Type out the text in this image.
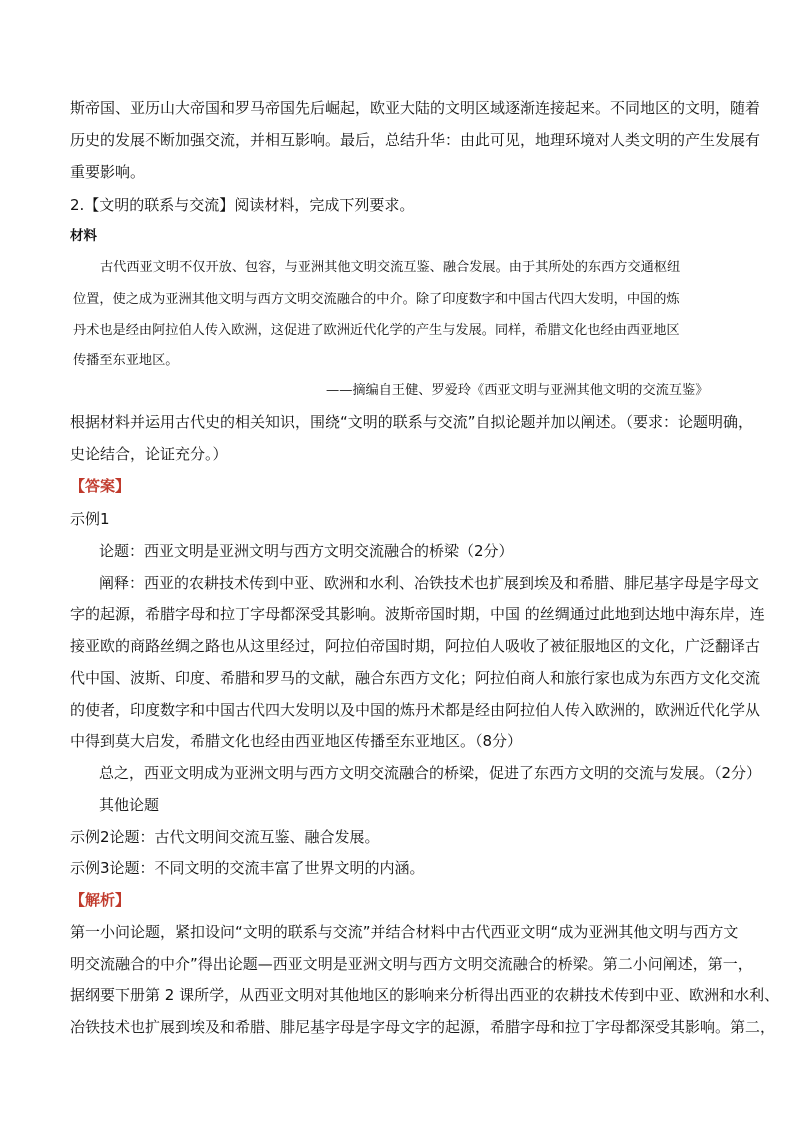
斯帝国、亚历山大帝国和罗马帝国先后崛起，欧亚大陆的文明区域逐渐连接起来。不同地区的文明，随着
历史的发展不断加强交流，并相互影响。最后，总结升华：由此可见，地理环境对人类文明的产生发展有
重要影响。
2.【文明的联系与交流】阅读材料，完成下列要求。
材料
古代西亚文明不仅开放、包容，与亚洲其他文明交流互鉴、融合发展。由于其所处的东西方交通枢纽
位置，使之成为亚洲其他文明与西方文明交流融合的中介。除了印度数字和中国古代四大发明，中国的炼
丹术也是经由阿拉伯人传入欧洲，这促进了欧洲近代化学的产生与发展。同样，希腊文化也经由西亚地区
传播至东亚地区。
——摘编自王健、罗爱玲《西亚文明与亚洲其他文明的交流互鉴》
根据材料并运用古代史的相关知识，围绕“文明的联系与交流”自拟论题并加以阐述。（要求：论题明确，
史论结合，论证充分。）
【答案】
示例1
论题：西亚文明是亚洲文明与西方文明交流融合的桥梁（2分）
阐释：西亚的农耕技术传到中亚、欧洲和水利、冶铁技术也扩展到埃及和希腊、腓尼基字母是字母文
字的起源，希腊字母和拉丁字母都深受其影响。波斯帝国时期，中国 的丝绸通过此地到达地中海东岸，连
接亚欧的商路丝绸之路也从这里经过，阿拉伯帝国时期，阿拉伯人吸收了被征服地区的文化，广泛翻译古
代中国、波斯、印度、希腊和罗马的文献，融合东西方文化；阿拉伯商人和旅行家也成为东西方文化交流
的使者，印度数字和中国古代四大发明以及中国的炼丹术都是经由阿拉伯人传入欧洲的，欧洲近代化学从
中得到莫大启发，希腊文化也经由西亚地区传播至东亚地区。（8分）
总之，西亚文明成为亚洲文明与西方文明交流融合的桥梁，促进了东西方文明的交流与发展。（2分）
其他论题
示例2论题：古代文明间交流互鉴、融合发展。
示例3论题：不同文明的交流丰富了世界文明的内涵。
【解析】
第一小问论题，紧扣设问“文明的联系与交流”并结合材料中古代西亚文明“成为亚洲其他文明与西方文
明交流融合的中介”得出论题—西亚文明是亚洲文明与西方文明交流融合的桥梁。第二小问阐述，第一，
据纲要下册第 2 课所学，从西亚文明对其他地区的影响来分析得出西亚的农耕技术传到中亚、欧洲和水利、
冶铁技术也扩展到埃及和希腊、腓尼基字母是字母文字的起源，希腊字母和拉丁字母都深受其影响。第二，
